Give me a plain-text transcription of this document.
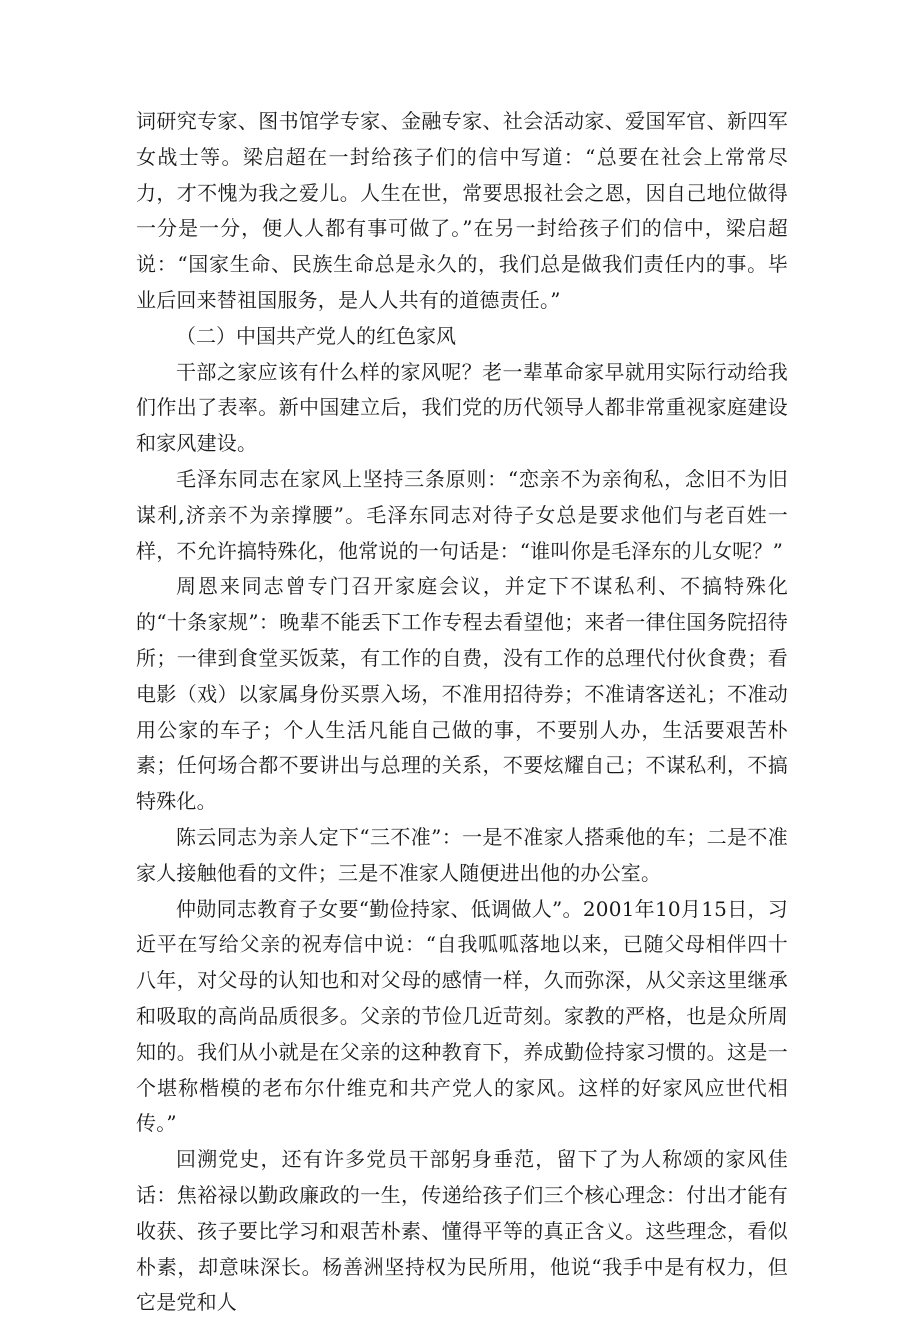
词研究专家、图书馆学专家、金融专家、社会活动家、爱国军官、新四军女战士等。梁启超在一封给孩子们的信中写道：“总要在社会上常常尽力，才不愧为我之爱儿。人生在世，常要思报社会之恩，因自己地位做得一分是一分，便人人都有事可做了。”在另一封给孩子们的信中，梁启超说：“国家生命、民族生命总是永久的，我们总是做我们责任内的事。毕业后回来替祖国服务，是人人共有的道德责任。”

（二）中国共产党人的红色家风

干部之家应该有什么样的家风呢？老一辈革命家早就用实际行动给我们作出了表率。新中国建立后，我们党的历代领导人都非常重视家庭建设和家风建设。

毛泽东同志在家风上坚持三条原则：“恋亲不为亲徇私，念旧不为旧谋利,济亲不为亲撑腰”。毛泽东同志对待子女总是要求他们与老百姓一样，不允许搞特殊化，他常说的一句话是：“谁叫你是毛泽东的儿女呢？”

周恩来同志曾专门召开家庭会议，并定下不谋私利、不搞特殊化的“十条家规”：晚辈不能丢下工作专程去看望他；来者一律住国务院招待所；一律到食堂买饭菜，有工作的自费，没有工作的总理代付伙食费；看电影（戏）以家属身份买票入场，不准用招待券；不准请客送礼；不准动用公家的车子；个人生活凡能自己做的事，不要别人办，生活要艰苦朴素；任何场合都不要讲出与总理的关系，不要炫耀自己；不谋私利，不搞特殊化。

陈云同志为亲人定下“三不准”：一是不准家人搭乘他的车；二是不准家人接触他看的文件；三是不准家人随便进出他的办公室。

仲勋同志教育子女要“勤俭持家、低调做人”。2001年10月15日，习近平在写给父亲的祝寿信中说：“自我呱呱落地以来，已随父母相伴四十八年，对父母的认知也和对父母的感情一样，久而弥深，从父亲这里继承和吸取的高尚品质很多。父亲的节俭几近苛刻。家教的严格，也是众所周知的。我们从小就是在父亲的这种教育下，养成勤俭持家习惯的。这是一个堪称楷模的老布尔什维克和共产党人的家风。这样的好家风应世代相传。”

回溯党史，还有许多党员干部躬身垂范，留下了为人称颂的家风佳话：焦裕禄以勤政廉政的一生，传递给孩子们三个核心理念：付出才能有收获、孩子要比学习和艰苦朴素、懂得平等的真正含义。这些理念，看似朴素，却意味深长。杨善洲坚持权为民所用，他说“我手中是有权力，但它是党和人
